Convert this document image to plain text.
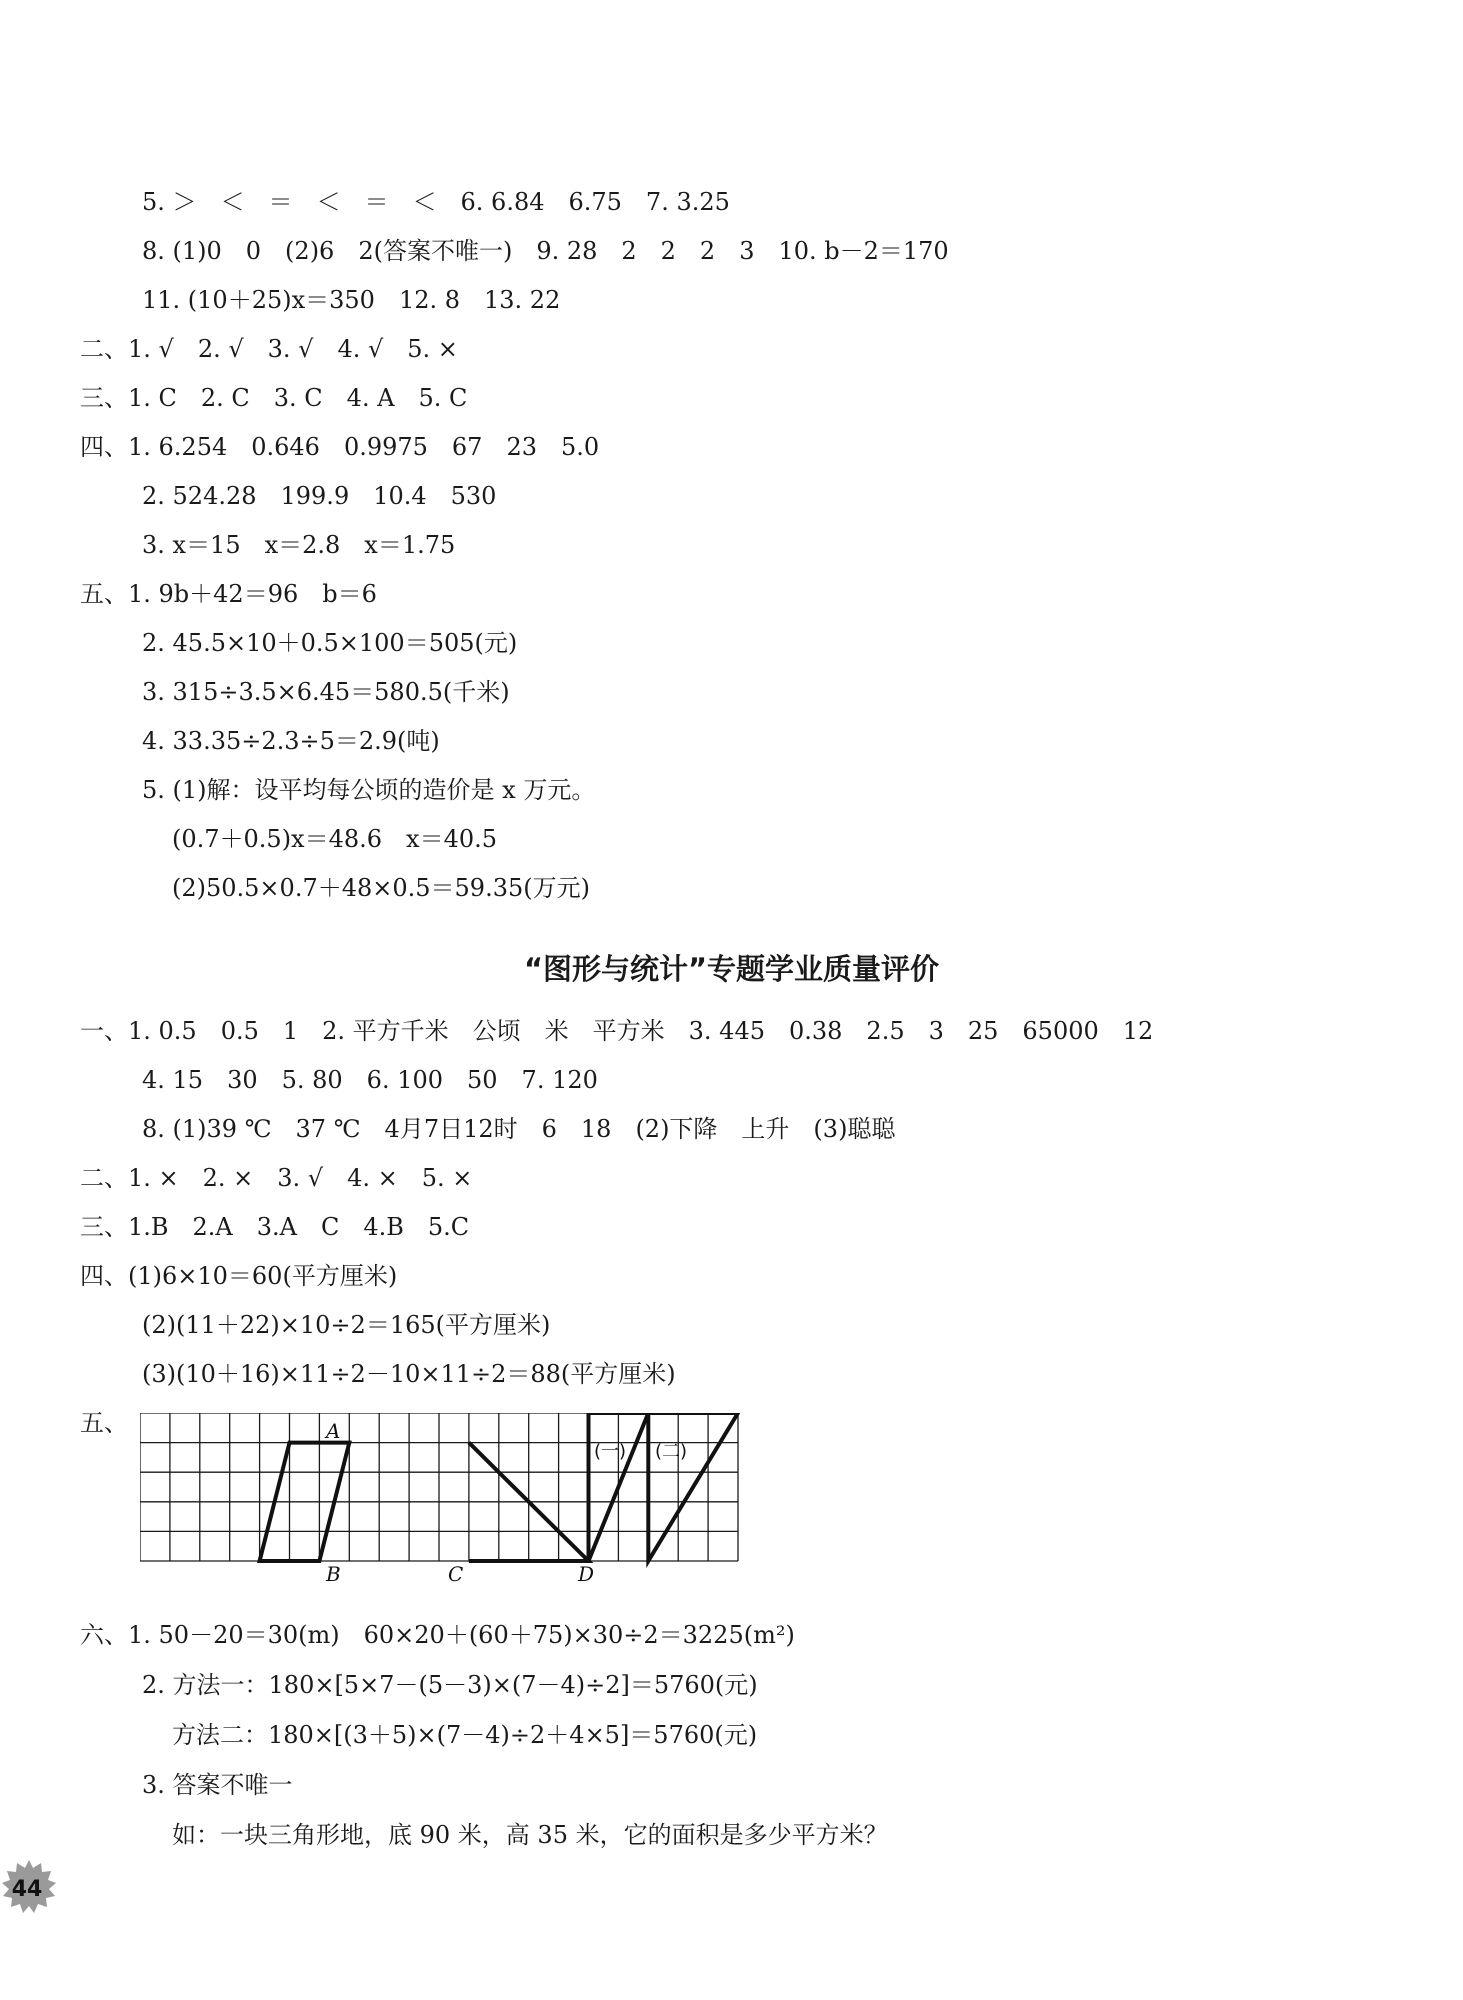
5. ＞　＜　＝　＜　＝　＜　6. 6.84　6.75　7. 3.25
8. (1)0　0　(2)6　2(答案不唯一)　9. 28　2　2　2　3　10. b－2＝170
11. (10＋25)x＝350　12. 8　13. 22
二、1. √　2. √　3. √　4. √　5. ×
三、1. C　2. C　3. C　4. A　5. C
四、1. 6.254　0.646　0.9975　67　23　5.0
2. 524.28　199.9　10.4　530
3. x＝15　x＝2.8　x＝1.75
五、1. 9b＋42＝96　b＝6
2. 45.5×10＋0.5×100＝505(元)
3. 315÷3.5×6.45＝580.5(千米)
4. 33.35÷2.3÷5＝2.9(吨)
5. (1)解：设平均每公顷的造价是 x 万元。
(0.7＋0.5)x＝48.6　x＝40.5
(2)50.5×0.7＋48×0.5＝59.35(万元)
“图形与统计”专题学业质量评价
一、1. 0.5　0.5　1　2. 平方千米　公顷　米　平方米　3. 445　0.38　2.5　3　25　65000　12
4. 15　30　5. 80　6. 100　50　7. 120
8. (1)39 ℃　37 ℃　4月7日12时　6　18　(2)下降　上升　(3)聪聪
二、1. ×　2. ×　3. √　4. ×　5. ×
三、1.B　2.A　3.A　C　4.B　5.C
四、(1)6×10＝60(平方厘米)
(2)(11＋22)×10÷2＝165(平方厘米)
(3)(10＋16)×11÷2－10×11÷2＝88(平方厘米)
五、	A
B	C	D
(一) (二)
六、1. 50－20＝30(m)　60×20＋(60＋75)×30÷2＝3225(m²)
2. 方法一：180×[5×7－(5－3)×(7－4)÷2]＝5760(元)
方法二：180×[(3＋5)×(7－4)÷2＋4×5]＝5760(元)
3. 答案不唯一
如：一块三角形地，底 90 米，高 35 米，它的面积是多少平方米？
44
